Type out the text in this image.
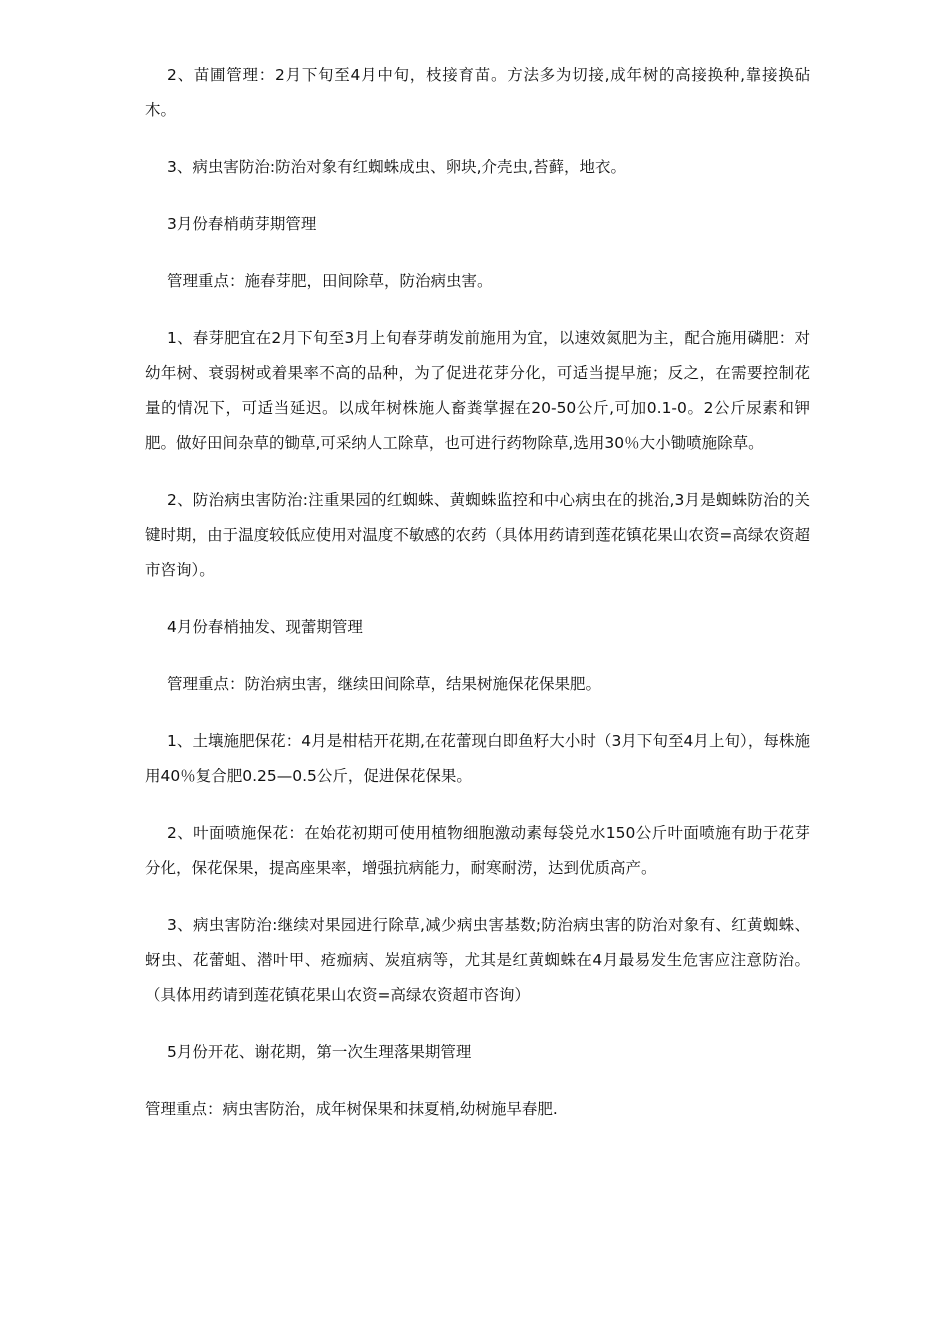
2、苗圃管理：2月下旬至4月中旬，枝接育苗。方法多为切接,成年树的高接换种,靠接换砧木。

3、病虫害防治:防治对象有红蜘蛛成虫、卵块,介壳虫,苔藓，地衣。

3月份春梢萌芽期管理

管理重点：施春芽肥，田间除草，防治病虫害。

1、春芽肥宜在2月下旬至3月上旬春芽萌发前施用为宜，以速效氮肥为主，配合施用磷肥：对幼年树、衰弱树或着果率不高的品种，为了促进花芽分化，可适当提早施；反之，在需要控制花量的情况下，可适当延迟。以成年树株施人畜粪掌握在20-50公斤,可加0.1-0。2公斤尿素和钾肥。做好田间杂草的锄草,可采纳人工除草，也可进行药物除草,选用30％大小锄喷施除草。

2、防治病虫害防治:注重果园的红蜘蛛、黄蜘蛛监控和中心病虫在的挑治,3月是蜘蛛防治的关键时期，由于温度较低应使用对温度不敏感的农药（具体用药请到莲花镇花果山农资=高绿农资超市咨询）。

4月份春梢抽发、现蕾期管理

管理重点：防治病虫害，继续田间除草，结果树施保花保果肥。

1、土壤施肥保花：4月是柑桔开花期,在花蕾现白即鱼籽大小时（3月下旬至4月上旬），每株施用40％复合肥0.25—0.5公斤，促进保花保果。

2、叶面喷施保花：在始花初期可使用植物细胞激动素每袋兑水150公斤叶面喷施有助于花芽分化，保花保果，提高座果率，增强抗病能力，耐寒耐涝，达到优质高产。

3、病虫害防治:继续对果园进行除草,减少病虫害基数;防治病虫害的防治对象有、红黄蜘蛛、蚜虫、花蕾蛆、潜叶甲、疮痂病、炭疽病等，尤其是红黄蜘蛛在4月最易发生危害应注意防治。（具体用药请到莲花镇花果山农资=高绿农资超市咨询）

5月份开花、谢花期，第一次生理落果期管理

管理重点：病虫害防治，成年树保果和抹夏梢,幼树施早春肥.
